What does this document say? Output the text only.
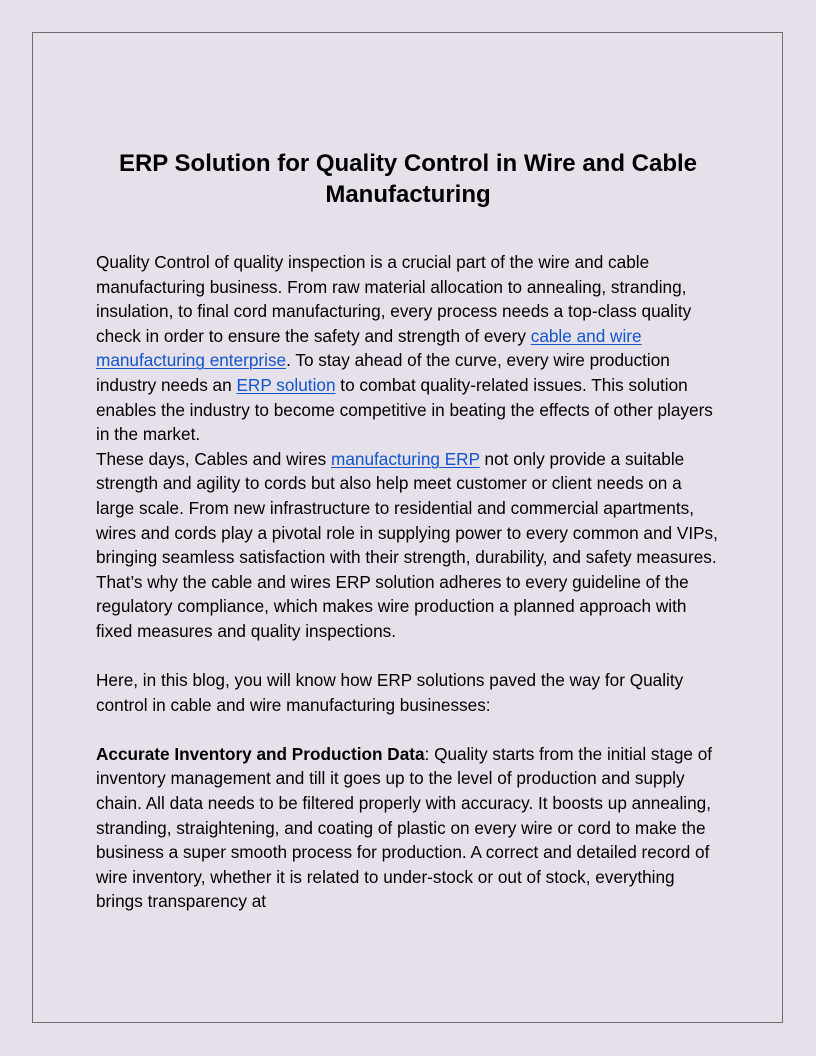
ERP Solution for Quality Control in Wire and Cable Manufacturing

Quality Control of quality inspection is a crucial part of the wire and cable manufacturing business. From raw material allocation to annealing, stranding, insulation, to final cord manufacturing, every process needs a top-class quality check in order to ensure the safety and strength of every cable and wire manufacturing enterprise. To stay ahead of the curve, every wire production industry needs an ERP solution to combat quality-related issues. This solution enables the industry to become competitive in beating the effects of other players in the market.

These days, Cables and wires manufacturing ERP not only provide a suitable strength and agility to cords but also help meet customer or client needs on a large scale. From new infrastructure to residential and commercial apartments, wires and cords play a pivotal role in supplying power to every common and VIPs, bringing seamless satisfaction with their strength, durability, and safety measures. That’s why the cable and wires ERP solution adheres to every guideline of the regulatory compliance, which makes wire production a planned approach with fixed measures and quality inspections.

Here, in this blog, you will know how ERP solutions paved the way for Quality control in cable and wire manufacturing businesses:

Accurate Inventory and Production Data: Quality starts from the initial stage of inventory management and till it goes up to the level of production and supply chain. All data needs to be filtered properly with accuracy. It boosts up annealing, stranding, straightening, and coating of plastic on every wire or cord to make the business a super smooth process for production. A correct and detailed record of wire inventory, whether it is related to under-stock or out of stock, everything brings transparency at
